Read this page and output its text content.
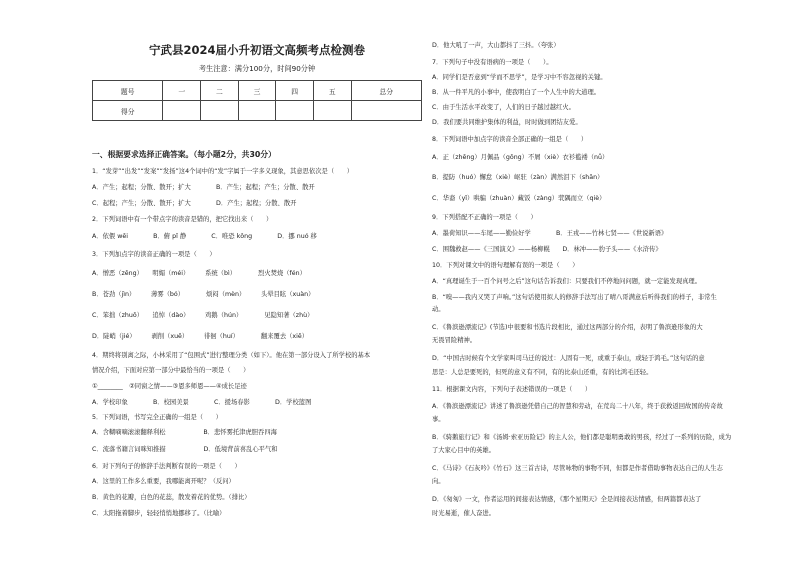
宁武县2024届小升初语文高频考点检测卷
考生注意：满分100分，时间90分钟
题号	一	二	三	四	五	总分
得分						
一、根据要求选择正确答案。（每小题2分，共30分）
1．“发芽”“出发”“发案”“发扬”这4个词中的“发”字属于一字多义现象，其意思依次是（　　）
A．产生；起程；分散、散开；扩大　　　　B．产生；起程；产生；分散、散开
C．起程；产生；分散、散开；扩大　　　　D．产生；起程；分散、散开
2．下列词语中有一个带点字的读音是错的，把它找出来（　　）
A．依偎 wēi　　　　B．俯 pǐ 静　　　　C．唯恐 kǒng　　　　D．挪 nuó 移
3．下列加点字的读音正确的一项是（　　）
A．憎恶（zēng）　　明媚（méi）　　　系统（bì）　　　　烈火焚烧（fén）
B．苍劲（jìn）　　　薄雾（bó）　　　　烦闷（mèn）　　　头晕目眩（xuàn）
C．笨拙（zhuō）　　追悼（dào）　　　鸡鹅（hún）　　　　见隐知著（zhù）
D．陡峭（jié）　　　剥削（xuē）　　　徘徊（huí）　　　　翻来覆去（xiē）
4．期终将别离之际，小林采用了“包围式”进行整理分类（如下）。他在第一部分设入了所学校的基本
情况介绍，下面对应第一部分中最恰当的一项是（　　）
①________　②同窗之情——③恩多师恩——④成长足迹
A．学校印象　　　　B．校园美景　　　　C．援场春影　　　　D．学校篮图
5．下列词语，书写完全正确的一组是（　　）
A．含糊嘀嘀滚滚翻释利松　　　　　　B．悲怀雾托津虎胆吞四海
C．流落书籍言词咪知推描　　　　　　D．低境背前喜乱心平气和
6．对下列句子的修辞手法判断有误的一项是（　　）
A．这里的工作多么重要，我哪能离开呢？（反问）
B．黄色的花瓣，白色的花蕊，散发着花的优势。（排比）
C．太阳拖着脚步，轻轻悄悄地挪移了。（比喻）
D．他大吼了一声，大山都抖了三抖。（夸张）
7．下列句子中没有语病的一项是（　　）。
A．同学们是否意到“学而不思学”，是学习中不容忽视的关键。
B．从一件平凡的小事中，使我明白了一个人生中的大道理。
C．由于生活水平改变了，人们的日子越过越红火。
D．我们要共同维护集体的利益，时时做到团结友爱。
8．下列词语中加点字的读音全部正确的一组是（　　）
A．正（zhēng）月佩品（gōng）不屑（xiè）衣衫褴褛（nǚ）
B．提防（huó）懈怠（xiè）岖驻（zàn）满然泪下（shān）
C．华裔（yǐ）哄骗（zhuàn）藏饭（zàng）茕隅而立（qiè）
9．下列搭配不正确的一项是（　　）
A．墨荷知识——车尾——勤俭好学　　　　B．王戎——竹林七贤——《世说新语》
C．围魏救赵——《三国演义》——杨柳幌　　D．林冲——豹子头——《水浒传》
10．下列对课文中的语句理解有误的一项是（　　）
A．“真理诞生于一百个问号之后”这句话告诉我们：只要我们不停地问问题，就一定能发现真理。
B．“嗅——我内又哭了声响。”这句话使用拟人的修辞手法写出了晴八哥满意后听得我们的样子，非常生
动。
C．《鲁滨逊漂流记》(节选)中很要和书选片段相比，通过这两部分的介绍，表明了鲁滨逊形象的大
无畏冒险精神。
D．“中国古时候有个文学家叫司马迁的说过：人固有一死，或重于泰山，或轻于鸿毛。”这句话的意
思是：人总是要死的，但死的意义有不同，有的比泰山还重，有的比鸿毛还轻。
11．根据课文内容，下列句子表述错误的一项是（　　）
A．《鲁滨逊漂流记》讲述了鲁滨逊凭借自己的智慧和劳动，在荒岛二十八年，终于获救返回故国的传奇故
事。
B．《骑鹅旅行记》和《汤姆·索亚历险记》的主人公，他们都是聪明勇敢的男孩，经过了一系列的历险，成为
了大家心目中的英雄。
C．《马诗》《石灰吟》《竹石》这三首古诗，尽管咏物的事物不同，但都是作者借助事物表达自己的人生志
向。
D．《匆匆》一文，作者运用的间接表达情感，《那个星期天》全是间接表达情感，但两篇都表达了
时光易逝，催人奋进。
